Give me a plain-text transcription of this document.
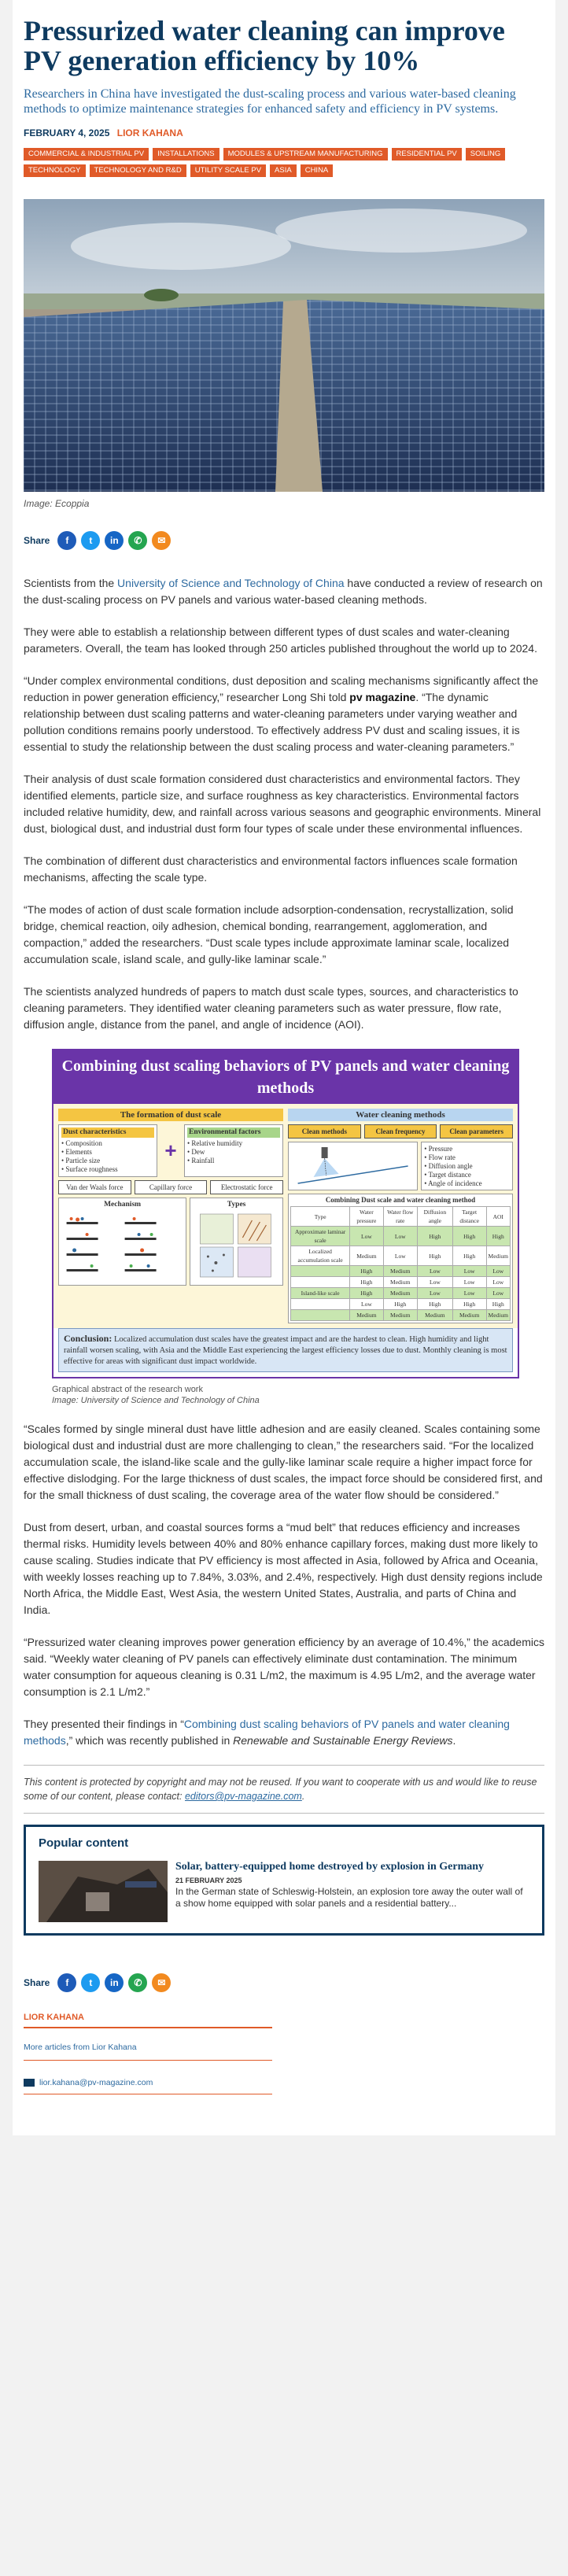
Pressurized water cleaning can improve PV generation efficiency by 10%
Researchers in China have investigated the dust-scaling process and various water-based cleaning methods to optimize maintenance strategies for enhanced safety and efficiency in PV systems.
FEBRUARY 4, 2025 LIOR KAHANA
COMMERCIAL & INDUSTRIAL PV	INSTALLATIONS	MODULES & UPSTREAM MANUFACTURING	RESIDENTIAL PV	SOILING
TECHNOLOGY	TECHNOLOGY AND R&D	UTILITY SCALE PV	ASIA	CHINA
Image: Ecoppia
Share	f	t	in	✆	✉

Scientists from the University of Science and Technology of China have conducted a review of research on the dust-scaling process on PV panels and various water-based cleaning methods.

They were able to establish a relationship between different types of dust scales and water-cleaning parameters. Overall, the team has looked through 250 articles published throughout the world up to 2024.

“Under complex environmental conditions, dust deposition and scaling mechanisms significantly affect the reduction in power generation efficiency,” researcher Long Shi told pv magazine. “The dynamic relationship between dust scaling patterns and water-cleaning parameters under varying weather and pollution conditions remains poorly understood. To effectively address PV dust and scaling issues, it is essential to study the relationship between the dust scaling process and water-cleaning parameters.”

Their analysis of dust scale formation considered dust characteristics and environmental factors. They identified elements, particle size, and surface roughness as key characteristics. Environmental factors included relative humidity, dew, and rainfall across various seasons and geographic environments. Mineral dust, biological dust, and industrial dust form four types of scale under these environmental influences.

The combination of different dust characteristics and environmental factors influences scale formation mechanisms, affecting the scale type.

“The modes of action of dust scale formation include adsorption-condensation, recrystallization, solid bridge, chemical reaction, oily adhesion, chemical bonding, rearrangement, agglomeration, and compaction,” added the researchers. “Dust scale types include approximate laminar scale, localized accumulation scale, island scale, and gully-like laminar scale.”

The scientists analyzed hundreds of papers to match dust scale types, sources, and characteristics to cleaning parameters. They identified water cleaning parameters such as water pressure, flow rate, diffusion angle, distance from the panel, and angle of incidence (AOI).

Combining dust scaling behaviors of PV panels and water cleaning methods
The formation of dust scale
Dust characteristics
• Composition
• Elements
• Particle size
• Surface roughness
+
Environmental factors
• Relative humidity
• Dew
• Rainfall
Van der Waals force	Capillary force	Electrostatic force
Mechanism	Types
Water cleaning methods
Clean methods	Clean frequency	Clean parameters
• Pressure
• Flow rate
• Diffusion angle
• Target distance
• Angle of incidence
Combining Dust scale and water cleaning method
Type	Water pressure	Water flow rate	Diffusion angle	Target distance	AOI
Approximate laminar scale	Low	Low	High	High	High
Localized accumulation scale	Medium	Low	High	High	Medium
	High	Medium	Low	Low	Low
	High	Medium	Low	Low	Low
Island-like scale	High	Medium	Low	Low	Low
	Low	High	High	High	High
	Medium	Medium	Medium	Medium	Medium
Conclusion: Localized accumulation dust scales have the greatest impact and are the hardest to clean. High humidity and light rainfall worsen scaling, with Asia and the Middle East experiencing the largest efficiency losses due to dust. Monthly cleaning is most effective for areas with significant dust impact worldwide.
Graphical abstract of the research work
Image: University of Science and Technology of China

“Scales formed by single mineral dust have little adhesion and are easily cleaned. Scales containing some biological dust and industrial dust are more challenging to clean,” the researchers said. “For the localized accumulation scale, the island-like scale and the gully-like laminar scale require a higher impact force for effective dislodging. For the large thickness of dust scales, the impact force should be considered first, and for the small thickness of dust scaling, the coverage area of the water flow should be considered.”

Dust from desert, urban, and coastal sources forms a “mud belt” that reduces efficiency and increases thermal risks. Humidity levels between 40% and 80% enhance capillary forces, making dust more likely to cause scaling. Studies indicate that PV efficiency is most affected in Asia, followed by Africa and Oceania, with weekly losses reaching up to 7.84%, 3.03%, and 2.4%, respectively. High dust density regions include North Africa, the Middle East, West Asia, the western United States, Australia, and parts of China and India.

“Pressurized water cleaning improves power generation efficiency by an average of 10.4%,” the academics said. “Weekly water cleaning of PV panels can effectively eliminate dust contamination. The minimum water consumption for aqueous cleaning is 0.31 L/m2, the maximum is 4.95 L/m2, and the average water consumption is 2.1 L/m2.”

They presented their findings in “Combining dust scaling behaviors of PV panels and water cleaning methods,” which was recently published in Renewable and Sustainable Energy Reviews.

This content is protected by copyright and may not be reused. If you want to cooperate with us and would like to reuse some of our content, please contact: editors@pv-magazine.com.
Popular content
Solar, battery-equipped home destroyed by explosion in Germany
21 FEBRUARY 2025
In the German state of Schleswig-Holstein, an explosion tore away the outer wall of a show home equipped with solar panels and a residential battery...
Share	f	t	in	✆	✉
LIOR KAHANA
More articles from Lior Kahana
lior.kahana@pv-magazine.com
